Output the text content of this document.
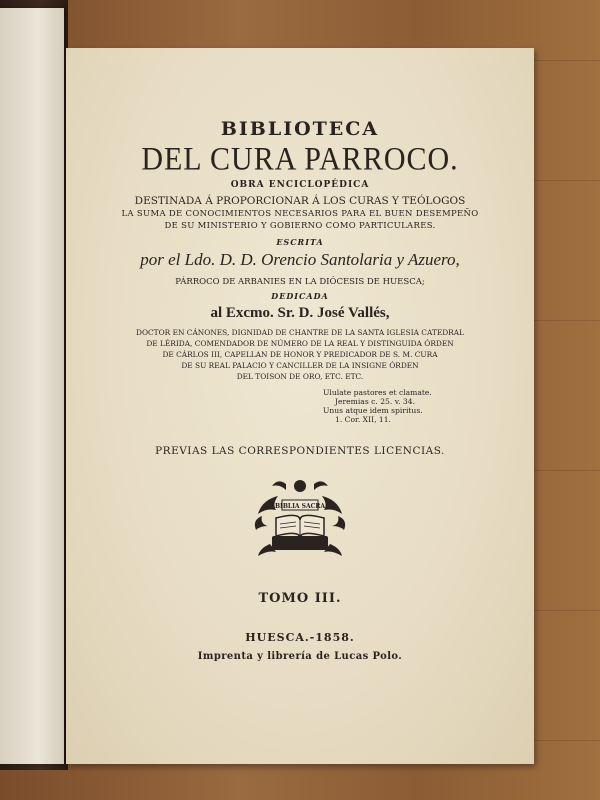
BIBLIOTECA
DEL CURA PARROCO.
OBRA ENCICLOPÉDICA
DESTINADA Á PROPORCIONAR Á LOS CURAS Y TEÓLOGOS
LA SUMA DE CONOCIMIENTOS NECESARIOS PARA EL BUEN DESEMPEÑO
DE SU MINISTERIO Y GOBIERNO COMO PARTICULARES.
ESCRITA
por el Ldo. D. D. Orencio Santolaria y Azuero,
PÁRROCO DE ARBANIES EN LA DIÓCESIS DE HUESCA;
DEDICADA
al Excmo. Sr. D. José Vallés,
DOCTOR EN CÁNONES, DIGNIDAD DE CHANTRE DE LA SANTA IGLESIA CATEDRAL
DE LÉRIDA, COMENDADOR DE NÚMERO DE LA REAL Y DISTINGUIDA ÓRDEN
DE CÁRLOS III, CAPELLAN DE HONOR Y PREDICADOR DE S. M. CURA
DE SU REAL PALACIO Y CANCILLER DE LA INSIGNE ÓRDEN
DEL TOISON DE ORO, ETC. ETC.
Ululate pastores et clamate.
Jeremias c. 25. v. 34.
Unus atque idem spiritus.
1. Cor. XII, 11.
PREVIAS LAS CORRESPONDIENTES LICENCIAS.
BIBLIA SACRA
TOMO III.
HUESCA.-1858.
Imprenta y librería de Lucas Polo.
